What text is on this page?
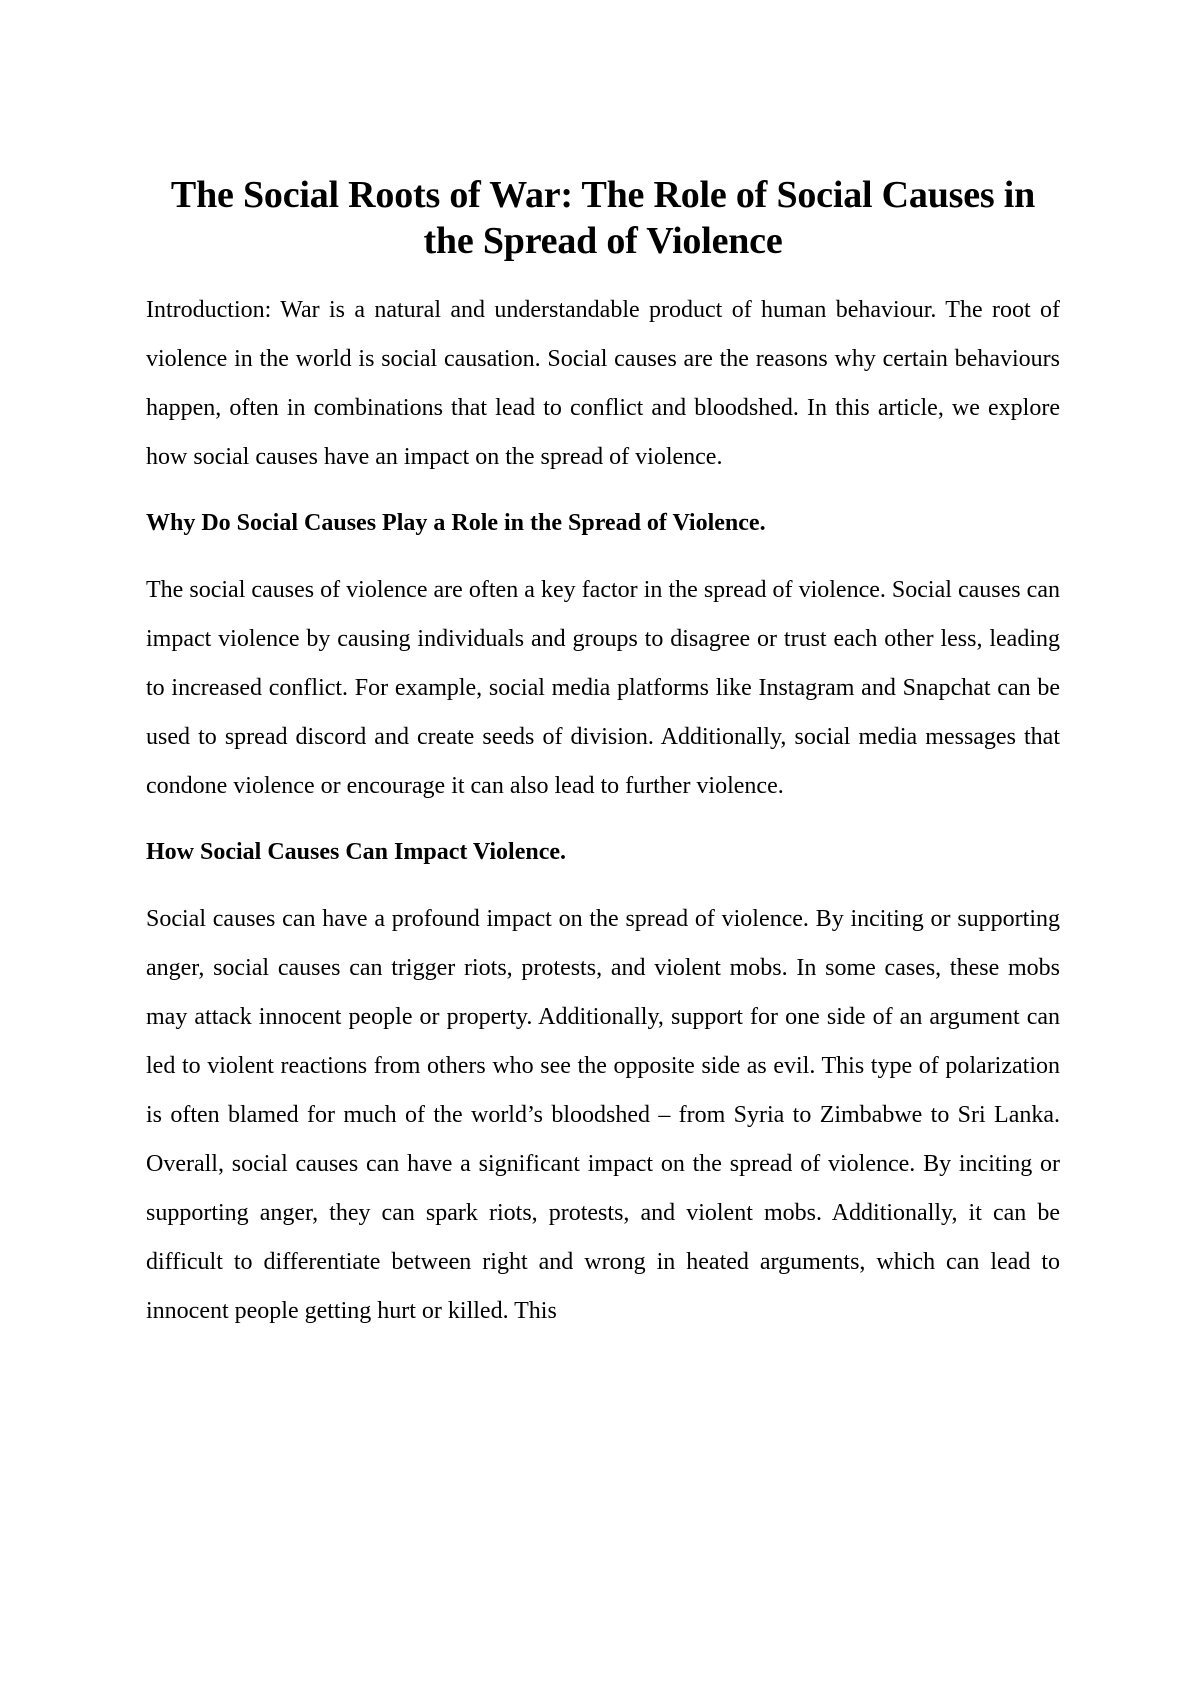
The Social Roots of War: The Role of Social Causes in the Spread of Violence

Introduction: War is a natural and understandable product of human behaviour. The root of violence in the world is social causation. Social causes are the reasons why certain behaviours happen, often in combinations that lead to conflict and bloodshed. In this article, we explore how social causes have an impact on the spread of violence.

Why Do Social Causes Play a Role in the Spread of Violence.

The social causes of violence are often a key factor in the spread of violence. Social causes can impact violence by causing individuals and groups to disagree or trust each other less, leading to increased conflict. For example, social media platforms like Instagram and Snapchat can be used to spread discord and create seeds of division. Additionally, social media messages that condone violence or encourage it can also lead to further violence.

How Social Causes Can Impact Violence.

Social causes can have a profound impact on the spread of violence. By inciting or supporting anger, social causes can trigger riots, protests, and violent mobs. In some cases, these mobs may attack innocent people or property. Additionally, support for one side of an argument can led to violent reactions from others who see the opposite side as evil. This type of polarization is often blamed for much of the world’s bloodshed – from Syria to Zimbabwe to Sri Lanka. Overall, social causes can have a significant impact on the spread of violence. By inciting or supporting anger, they can spark riots, protests, and violent mobs. Additionally, it can be difficult to differentiate between right and wrong in heated arguments, which can lead to innocent people getting hurt or killed. This
